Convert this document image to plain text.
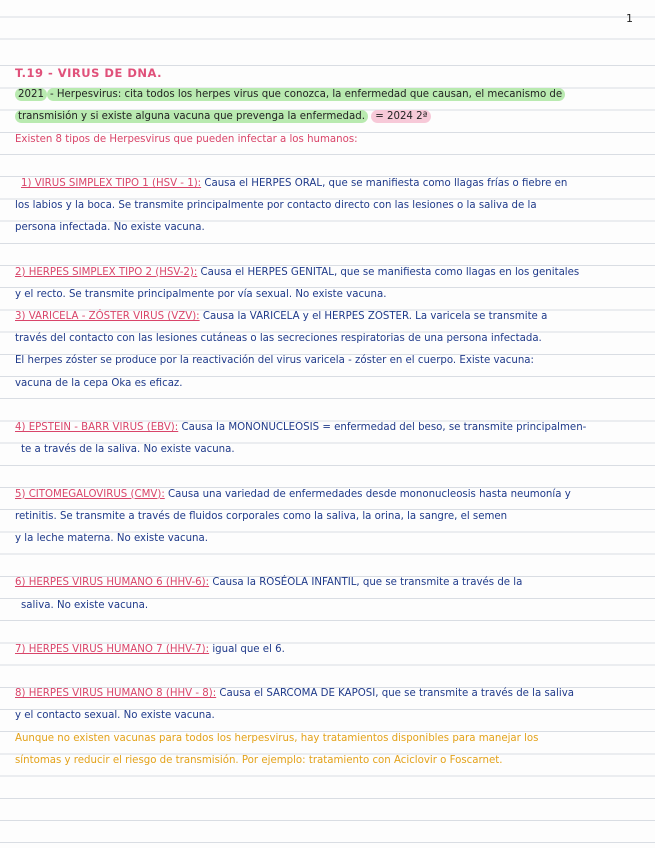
1
T.19 - VIRUS DE DNA.
2021 - Herpesvirus: cita todos los herpes virus que conozca, la enfermedad que causan, el mecanismo de
transmisión y si existe alguna vacuna que prevenga la enfermedad. = 2024 2ª
Existen 8 tipos de Herpesvirus que pueden infectar a los humanos:
1) VIRUS SIMPLEX TIPO 1 (HSV - 1): Causa el HERPES ORAL, que se manifiesta como llagas frías o fiebre en
los labios y la boca. Se transmite principalmente por contacto directo con las lesiones o la saliva de la
persona infectada. No existe vacuna.
2) HERPES SIMPLEX TIPO 2 (HSV-2): Causa el HERPES GENITAL, que se manifiesta como llagas en los genitales
y el recto. Se transmite principalmente por vía sexual. No existe vacuna.
3) VARICELA - ZÓSTER VIRUS (VZV): Causa la VARICELA y el HERPES ZOSTER. La varicela se transmite a
través del contacto con las lesiones cutáneas o las secreciones respiratorias de una persona infectada.
El herpes zóster se produce por la reactivación del virus varicela - zóster en el cuerpo. Existe vacuna:
vacuna de la cepa Oka es eficaz.
4) EPSTEIN - BARR VIRUS (EBV): Causa la MONONUCLEOSIS = enfermedad del beso, se transmite principalmen-
te a través de la saliva. No existe vacuna.
5) CITOMEGALOVIRUS (CMV): Causa una variedad de enfermedades desde mononucleosis hasta neumonía y
retinitis. Se transmite a través de fluidos corporales como la saliva, la orina, la sangre, el semen
y la leche materna. No existe vacuna.
6) HERPES VIRUS HUMANO 6 (HHV-6): Causa la ROSÉOLA INFANTIL, que se transmite a través de la
saliva. No existe vacuna.
7) HERPES VIRUS HUMANO 7 (HHV-7): igual que el 6.
8) HERPES VIRUS HUMANO 8 (HHV - 8): Causa el SARCOMA DE KAPOSI, que se transmite a través de la saliva
y el contacto sexual. No existe vacuna.
Aunque no existen vacunas para todos los herpesvirus, hay tratamientos disponibles para manejar los
síntomas y reducir el riesgo de transmisión. Por ejemplo: tratamiento con Aciclovir o Foscarnet.
